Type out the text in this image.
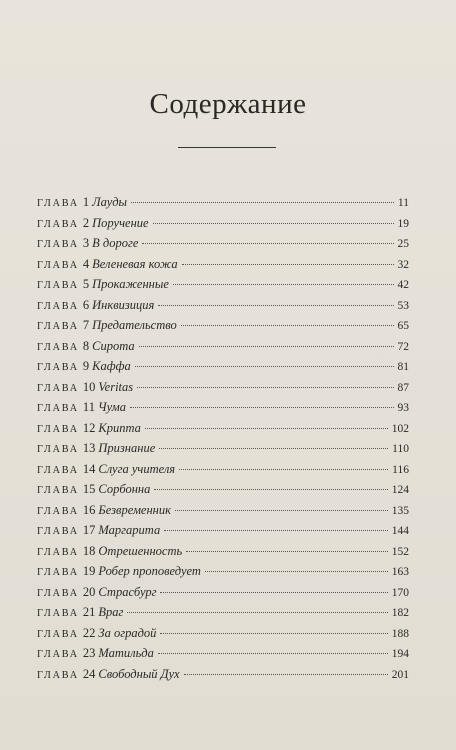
Содержание
ГЛАВА 1 Лауды	11
ГЛАВА 2 Поручение	19
ГЛАВА 3 В дороге	25
ГЛАВА 4 Веленевая кожа	32
ГЛАВА 5 Прокаженные	42
ГЛАВА 6 Инквизиция	53
ГЛАВА 7 Предательство	65
ГЛАВА 8 Сирота	72
ГЛАВА 9 Каффа	81
ГЛАВА 10 Veritas	87
ГЛАВА 11 Чума	93
ГЛАВА 12 Крипта	102
ГЛАВА 13 Признание	110
ГЛАВА 14 Слуга учителя	116
ГЛАВА 15 Сорбонна	124
ГЛАВА 16 Безвременник	135
ГЛАВА 17 Маргарита	144
ГЛАВА 18 Отрешенность	152
ГЛАВА 19 Робер проповедует	163
ГЛАВА 20 Страсбург	170
ГЛАВА 21 Враг	182
ГЛАВА 22 За оградой	188
ГЛАВА 23 Матильда	194
ГЛАВА 24 Свободный Дух	201
